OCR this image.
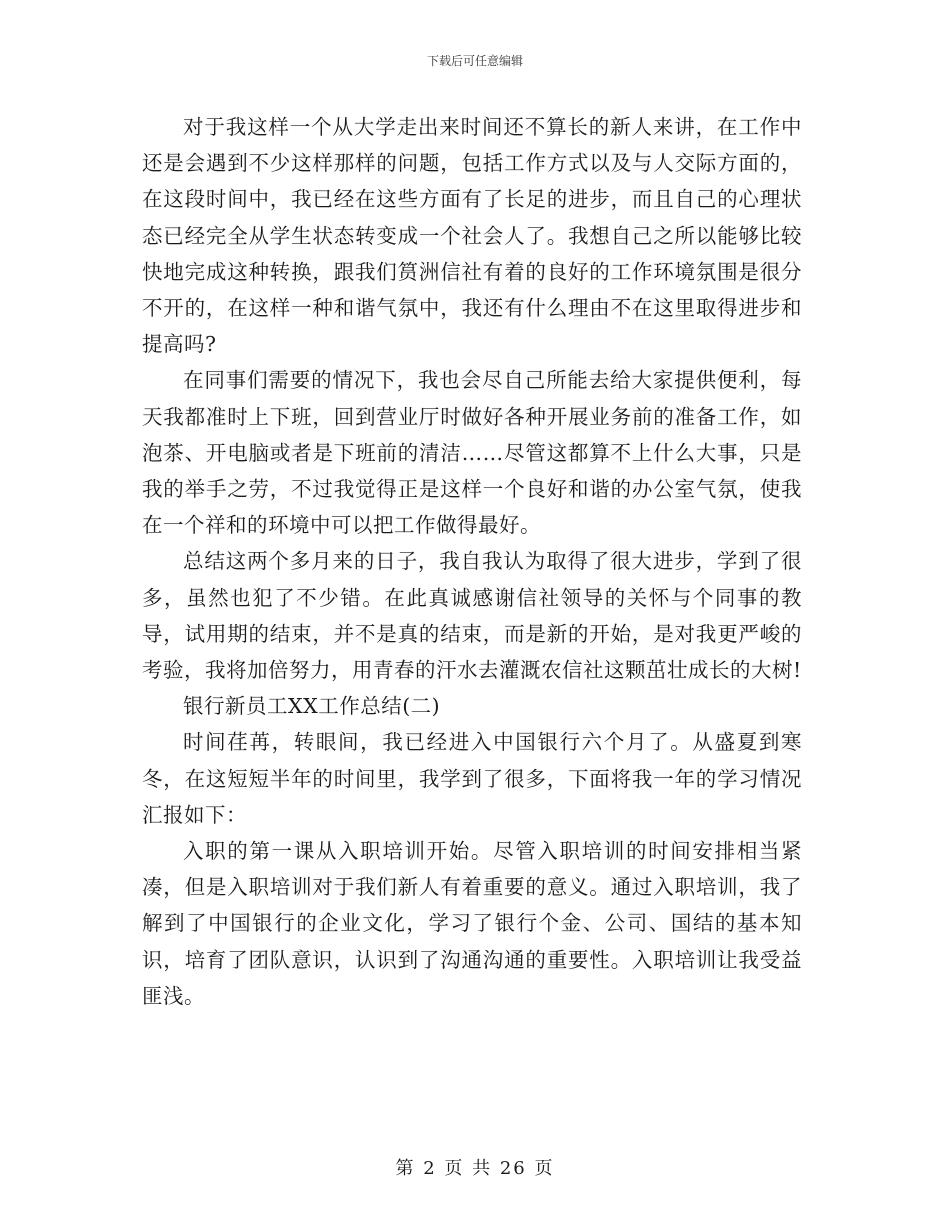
下载后可任意编辑

对于我这样一个从大学走出来时间还不算长的新人来讲，在工作中还是会遇到不少这样那样的问题，包括工作方式以及与人交际方面的，在这段时间中，我已经在这些方面有了长足的进步，而且自己的心理状态已经完全从学生状态转变成一个社会人了。我想自己之所以能够比较快地完成这种转换，跟我们筼洲信社有着的良好的工作环境氛围是很分不开的，在这样一种和谐气氛中，我还有什么理由不在这里取得进步和提高吗?

在同事们需要的情况下，我也会尽自己所能去给大家提供便利，每天我都准时上下班，回到营业厅时做好各种开展业务前的准备工作，如泡茶、开电脑或者是下班前的清洁……尽管这都算不上什么大事，只是我的举手之劳，不过我觉得正是这样一个良好和谐的办公室气氛，使我在一个祥和的环境中可以把工作做得最好。

总结这两个多月来的日子，我自我认为取得了很大进步，学到了很多，虽然也犯了不少错。在此真诚感谢信社领导的关怀与个同事的教导，试用期的结束，并不是真的结束，而是新的开始，是对我更严峻的考验，我将加倍努力，用青春的汗水去灌溉农信社这颗茁壮成长的大树!

银行新员工XX工作总结(二)

时间荏苒，转眼间，我已经进入中国银行六个月了。从盛夏到寒冬，在这短短半年的时间里，我学到了很多，下面将我一年的学习情况汇报如下：

入职的第一课从入职培训开始。尽管入职培训的时间安排相当紧凑，但是入职培训对于我们新人有着重要的意义。通过入职培训，我了解到了中国银行的企业文化，学习了银行个金、公司、国结的基本知识，培育了团队意识，认识到了沟通沟通的重要性。入职培训让我受益匪浅。

第 2 页 共 26 页
